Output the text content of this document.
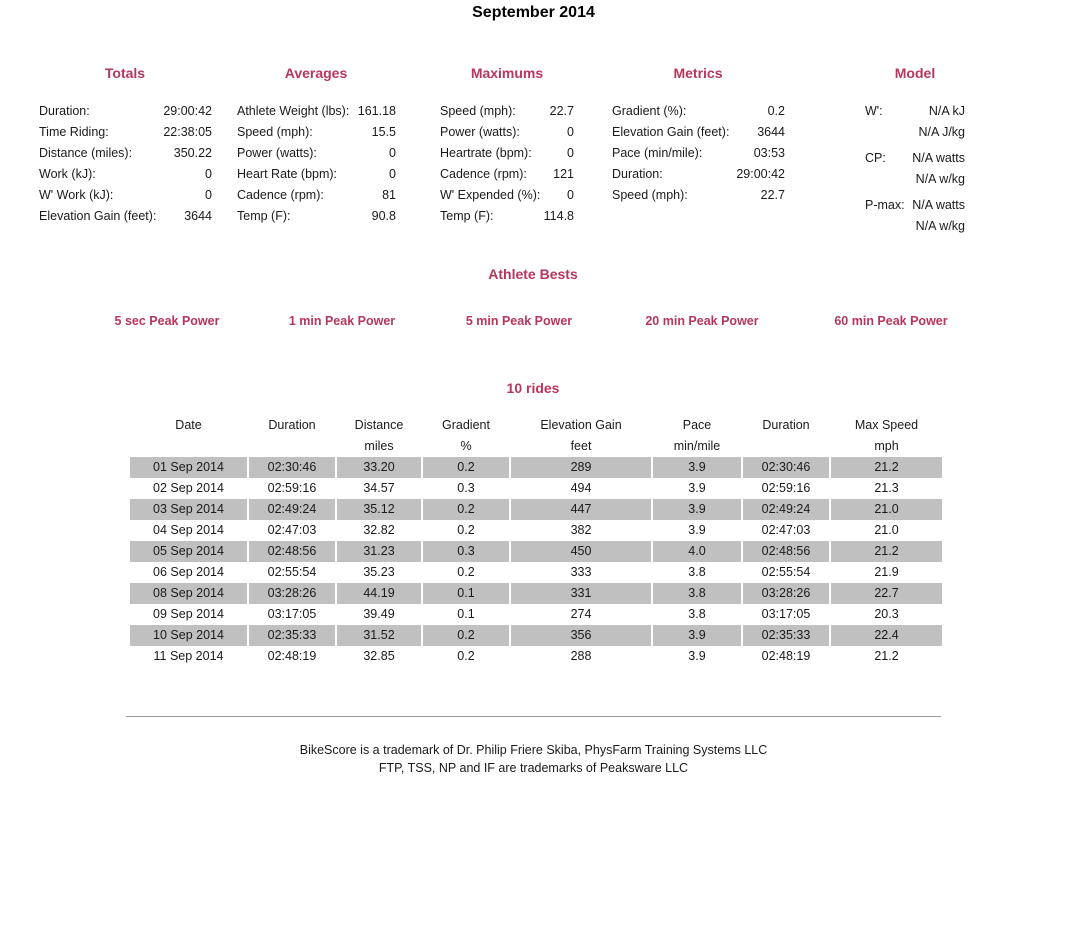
September 2014
Totals	Averages	Maximums	Metrics	Model
Duration:	29:00:42
Time Riding:	22:38:05
Distance (miles):	350.22
Work (kJ):	0
W' Work (kJ):	0
Elevation Gain (feet): 3644
Athlete Weight (lbs): 161.18
Speed (mph):	15.5
Power (watts):	0
Heart Rate (bpm):	0
Cadence (rpm):	81
Temp (F):	90.8
Speed (mph):	22.7
Power (watts):	0
Heartrate (bpm):	0
Cadence (rpm): 121
W' Expended (%): 0
Temp (F):	114.8
Gradient (%):	0.2
Elevation Gain (feet): 3644
Pace (min/mile):	03:53
Duration:	29:00:42
Speed (mph):	22.7
W':	N/A kJ
N/A J/kg
CP: N/A watts
N/A w/kg
P-max: N/A watts
N/A w/kg
Athlete Bests
5 sec Peak Power	1 min Peak Power	5 min Peak Power	20 min Peak Power	60 min Peak Power
10 rides
Date	Duration	Distance	Gradient	Elevation Gain	Pace	Duration	Max Speed
		miles	%	feet	min/mile		mph
01 Sep 2014	02:30:46	33.20	0.2	289	3.9	02:30:46	21.2
02 Sep 2014	02:59:16	34.57	0.3	494	3.9	02:59:16	21.3
03 Sep 2014	02:49:24	35.12	0.2	447	3.9	02:49:24	21.0
04 Sep 2014	02:47:03	32.82	0.2	382	3.9	02:47:03	21.0
05 Sep 2014	02:48:56	31.23	0.3	450	4.0	02:48:56	21.2
06 Sep 2014	02:55:54	35.23	0.2	333	3.8	02:55:54	21.9
08 Sep 2014	03:28:26	44.19	0.1	331	3.8	03:28:26	22.7
09 Sep 2014	03:17:05	39.49	0.1	274	3.8	03:17:05	20.3
10 Sep 2014	02:35:33	31.52	0.2	356	3.9	02:35:33	22.4
11 Sep 2014	02:48:19	32.85	0.2	288	3.9	02:48:19	21.2
BikeScore is a trademark of Dr. Philip Friere Skiba, PhysFarm Training Systems LLC
FTP, TSS, NP and IF are trademarks of Peaksware LLC
